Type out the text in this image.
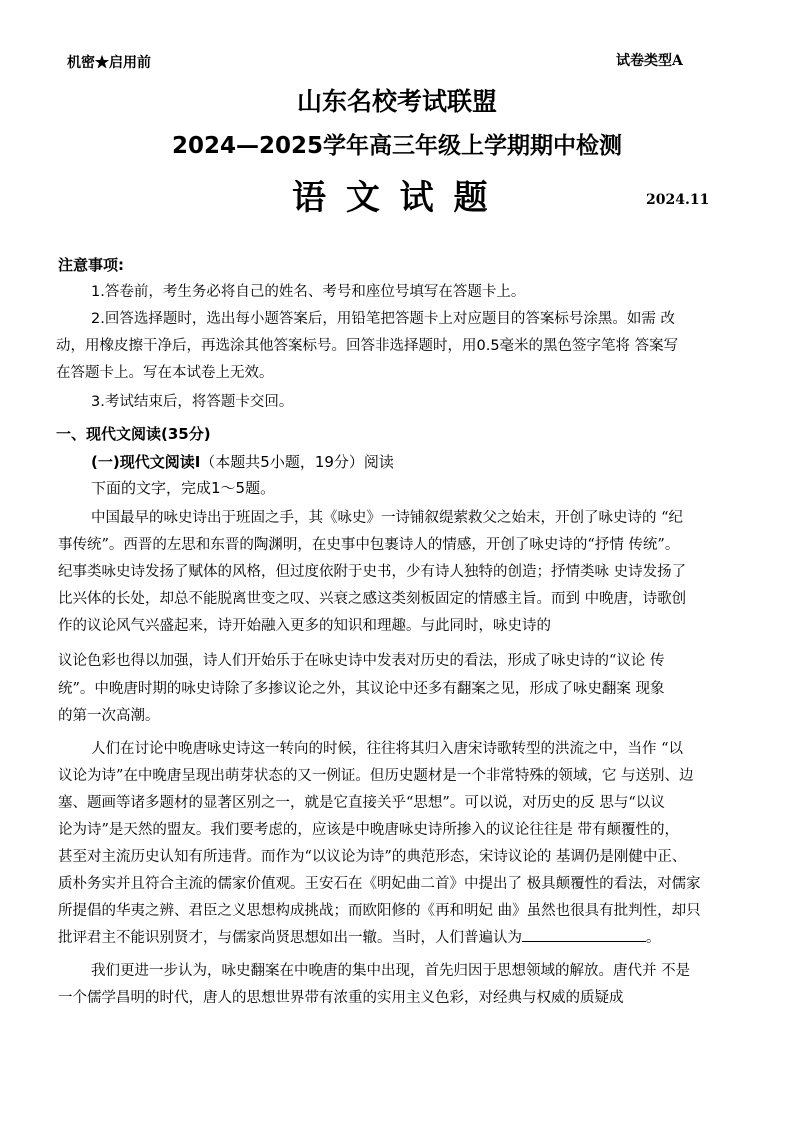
机密★启用前	试卷类型A
山东名校考试联盟
2024—2025学年高三年级上学期期中检测
语 文 试 题	2024.11
注意事项:
1.答卷前，考生务必将自己的姓名、考号和座位号填写在答题卡上。
2.回答选择题时，选出每小题答案后，用铅笔把答题卡上对应题目的答案标号涂黑。如需 改
动，用橡皮擦干净后，再选涂其他答案标号。回答非选择题时，用0.5毫米的黑色签字笔将 答案写
在答题卡上。写在本试卷上无效。
3.考试结束后，将答题卡交回。
一、现代文阅读(35分)
(一)现代文阅读I（本题共5小题，19分）阅读
下面的文字，完成1～5题。
中国最早的咏史诗出于班固之手，其《咏史》一诗铺叙缇萦救父之始末，开创了咏史诗的 “纪
事传统”。西晋的左思和东晋的陶渊明，在史事中包裹诗人的情感，开创了咏史诗的“抒情 传统”。
纪事类咏史诗发扬了赋体的风格，但过度依附于史书，少有诗人独特的创造；抒情类咏 史诗发扬了
比兴体的长处，却总不能脱离世变之叹、兴衰之感这类刻板固定的情感主旨。而到 中晚唐，诗歌创
作的议论风气兴盛起来，诗开始融入更多的知识和理趣。与此同时，咏史诗的
议论色彩也得以加强，诗人们开始乐于在咏史诗中发表对历史的看法，形成了咏史诗的“议论 传
统”。中晚唐时期的咏史诗除了多掺议论之外，其议论中还多有翻案之见，形成了咏史翻案 现象
的第一次高潮。
人们在讨论中晚唐咏史诗这一转向的时候，往往将其归入唐宋诗歌转型的洪流之中，当作 “以
议论为诗”在中晚唐呈现出萌芽状态的又一例证。但历史题材是一个非常特殊的领域，它 与送别、边
塞、题画等诸多题材的显著区别之一，就是它直接关乎“思想”。可以说，对历史的反 思与“以议
论为诗”是天然的盟友。我们要考虑的，应该是中晚唐咏史诗所掺入的议论往往是 带有颠覆性的，
甚至对主流历史认知有所违背。而作为“以议论为诗”的典范形态，宋诗议论的 基调仍是刚健中正、
质朴务实并且符合主流的儒家价值观。王安石在《明妃曲二首》中提出了 极具颠覆性的看法，对儒家
所提倡的华夷之辨、君臣之义思想构成挑战；而欧阳修的《再和明妃 曲》虽然也很具有批判性，却只
批评君主不能识别贤才，与儒家尚贤思想如出一辙。当时，人们普遍认为	。
我们更进一步认为，咏史翻案在中晚唐的集中出现，首先归因于思想领域的解放。唐代并 不是
一个儒学昌明的时代，唐人的思想世界带有浓重的实用主义色彩，对经典与权威的质疑成
